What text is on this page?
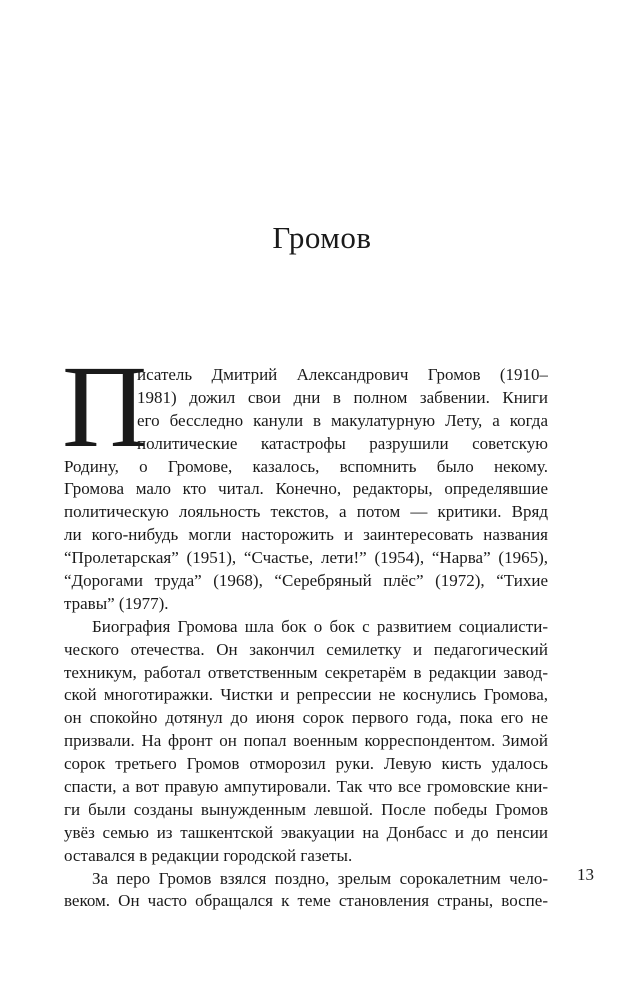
Громов
П
исатель Дмитрий Александрович Громов (1910–
1981) дожил свои дни в полном забвении. Книги
его бесследно канули в макулатурную Лету, а когда
политические катастрофы разрушили советскую
Родину, о Громове, казалось, вспомнить было некому.
Громова мало кто читал. Конечно, редакторы, определявшие
политическую лояльность текстов, а потом — критики. Вряд
ли кого-нибудь могли насторожить и заинтересовать названия
“Пролетарская” (1951), “Счастье, лети!” (1954), “Нарва” (1965),
“Дорогами труда” (1968), “Серебряный плёс” (1972), “Тихие
травы” (1977).
Биография Громова шла бок о бок с развитием социалисти-
ческого отечества. Он закончил семилетку и педагогический
техникум, работал ответственным секретарём в редакции завод-
ской многотиражки. Чистки и репрессии не коснулись Громова,
он спокойно дотянул до июня сорок первого года, пока его не
призвали. На фронт он попал военным корреспондентом. Зимой
сорок третьего Громов отморозил руки. Левую кисть удалось
спасти, а вот правую ампутировали. Так что все громовские кни-
ги были созданы вынужденным левшой. После победы Громов
увёз семью из ташкентской эвакуации на Донбасс и до пенсии
оставался в редакции городской газеты.
За перо Громов взялся поздно, зрелым сорокалетним чело-
веком. Он часто обращался к теме становления страны, воспе-
13
